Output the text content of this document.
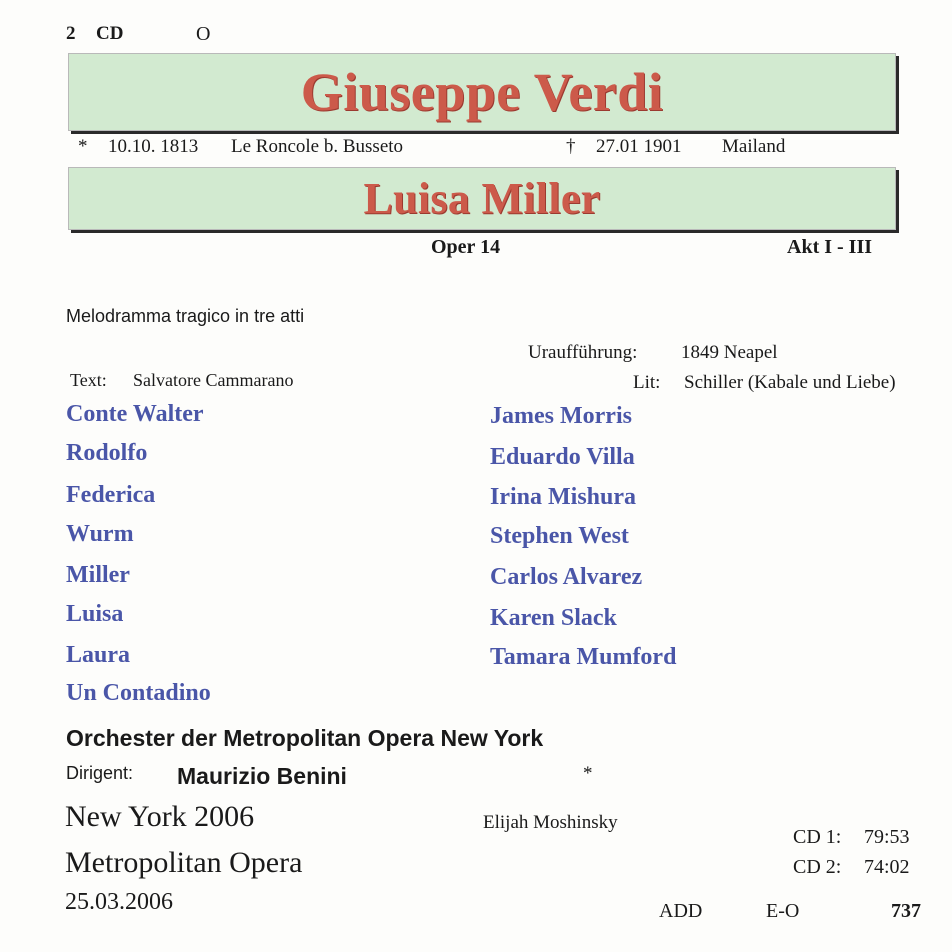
2 CD	O
Giuseppe Verdi
* 10.10. 1813 Le Roncole b. Busseto	† 27.01 1901 Mailand
Luisa Miller
Oper 14	Akt I - III
Melodramma tragico in tre atti
Uraufführung: 1849 Neapel
Text: Salvatore Cammarano	Lit: Schiller (Kabale und Liebe)
Conte Walter	James Morris
Rodolfo	Eduardo Villa
Federica	Irina Mishura
Wurm	Stephen West
Miller	Carlos Alvarez
Luisa	Karen Slack
Laura	Tamara Mumford
Un Contadino
Orchester der Metropolitan Opera New York
Dirigent: Maurizio Benini	*
New York 2006
Metropolitan Opera
25.03.2006
Elijah Moshinsky
CD 1: 79:53
CD 2: 74:02
ADD	E-O	737
